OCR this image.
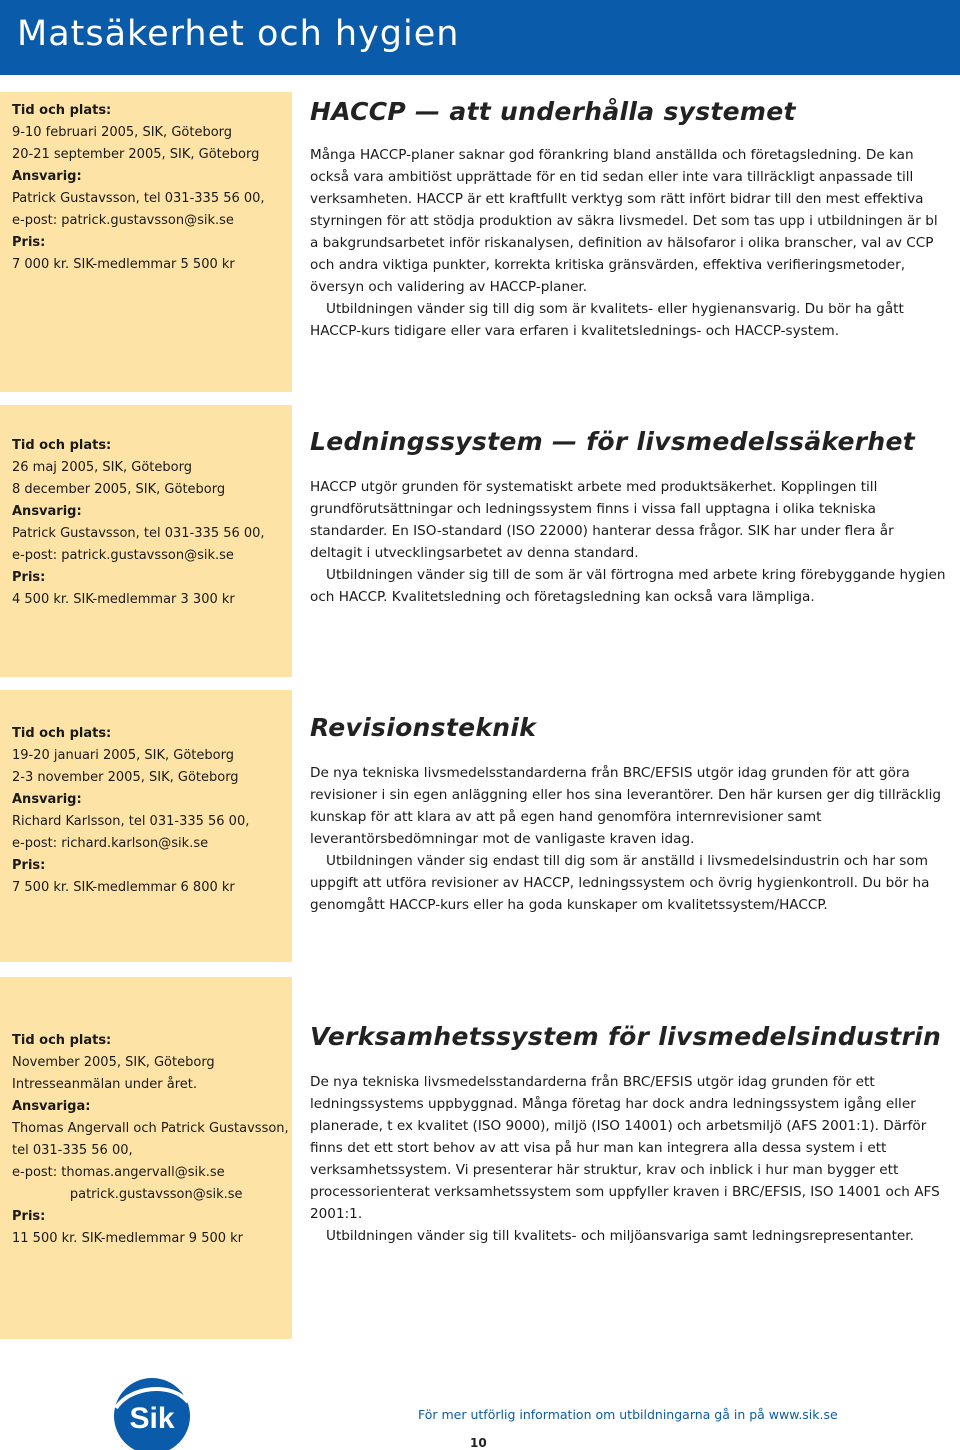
Matsäkerhet och hygien
Tid och plats:
9-10 februari 2005, SIK, Göteborg
20-21 september 2005, SIK, Göteborg
Ansvarig:
Patrick Gustavsson, tel 031-335 56 00,
e-post: patrick.gustavsson@sik.se
Pris:
7 000 kr. SIK-medlemmar 5 500 kr
HACCP — att underhålla systemet

Många HACCP-planer saknar god förankring bland anställda och företagsledning. De kan också vara ambitiöst upprättade för en tid sedan eller inte vara tillräckligt anpassade till verksamheten. HACCP är ett kraftfullt verktyg som rätt infört bidrar till den mest effektiva styrningen för att stödja produktion av säkra livsmedel. Det som tas upp i utbildningen är bl a bakgrundsarbetet inför riskanalysen, definition av hälsofaror i olika branscher, val av CCP och andra viktiga punkter, korrekta kritiska gränsvärden, effektiva verifieringsmetoder, översyn och validering av HACCP-planer.

Utbildningen vänder sig till dig som är kvalitets- eller hygienansvarig. Du bör ha gått HACCP-kurs tidigare eller vara erfaren i kvalitetslednings- och HACCP-system.

Tid och plats:
26 maj 2005, SIK, Göteborg
8 december 2005, SIK, Göteborg
Ansvarig:
Patrick Gustavsson, tel 031-335 56 00,
e-post: patrick.gustavsson@sik.se
Pris:
4 500 kr. SIK-medlemmar 3 300 kr
Ledningssystem — för livsmedelssäkerhet

HACCP utgör grunden för systematiskt arbete med produktsäkerhet. Kopplingen till grundförutsättningar och ledningssystem finns i vissa fall upptagna i olika tekniska standarder. En ISO-standard (ISO 22000) hanterar dessa frågor. SIK har under flera år deltagit i utvecklingsarbetet av denna standard.

Utbildningen vänder sig till de som är väl förtrogna med arbete kring förebyggande hygien och HACCP. Kvalitetsledning och företagsledning kan också vara lämpliga.

Tid och plats:
19-20 januari 2005, SIK, Göteborg
2-3 november 2005, SIK, Göteborg
Ansvarig:
Richard Karlsson, tel 031-335 56 00,
e-post: richard.karlson@sik.se
Pris:
7 500 kr. SIK-medlemmar 6 800 kr
Revisionsteknik

De nya tekniska livsmedelsstandarderna från BRC/EFSIS utgör idag grunden för att göra revisioner i sin egen anläggning eller hos sina leverantörer. Den här kursen ger dig tillräcklig kunskap för att klara av att på egen hand genomföra internrevisioner samt leverantörsbedömningar mot de vanligaste kraven idag.

Utbildningen vänder sig endast till dig som är anställd i livsmedelsindustrin och har som uppgift att utföra revisioner av HACCP, ledningssystem och övrig hygienkontroll. Du bör ha genomgått HACCP-kurs eller ha goda kunskaper om kvalitetssystem/HACCP.

Tid och plats:
November 2005, SIK, Göteborg
Intresseanmälan under året.
Ansvariga:
Thomas Angervall och Patrick Gustavsson,
tel 031-335 56 00,
e-post: thomas.angervall@sik.se
patrick.gustavsson@sik.se
Pris:
11 500 kr. SIK-medlemmar 9 500 kr
Verksamhetssystem för livsmedelsindustrin

De nya tekniska livsmedelsstandarderna från BRC/EFSIS utgör idag grunden för ett ledningssystems uppbyggnad. Många företag har dock andra ledningssystem igång eller planerade, t ex kvalitet (ISO 9000), miljö (ISO 14001) och arbetsmiljö (AFS 2001:1). Därför finns det ett stort behov av att visa på hur man kan integrera alla dessa system i ett verksamhetssystem. Vi presenterar här struktur, krav och inblick i hur man bygger ett processorienterat verksamhetssystem som uppfyller kraven i BRC/EFSIS, ISO 14001 och AFS 2001:1.

Utbildningen vänder sig till kvalitets- och miljöansvariga samt ledningsrepresentanter.

Sik	För mer utförlig information om utbildningarna gå in på www.sik.se
10
